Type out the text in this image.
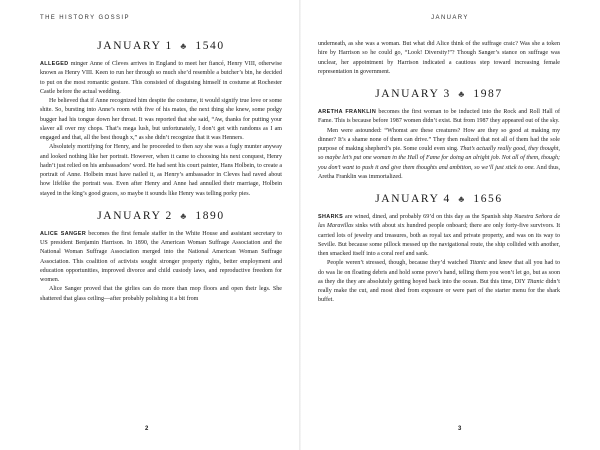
THE HISTORY GOSSIP
JANUARY 1 ♣ 1540

ALLEGED minger Anne of Cleves arrives in England to meet her fiancé, Henry VIII, otherwise known as Henry VIII. Keen to run her through so much she’d resemble a butcher’s bin, he decided to put on the most romantic gesture. This consisted of disguising himself in costume at Rochester Castle before the actual wedding.

He believed that if Anne recognized him despite the costume, it would signify true love or some shite. So, bursting into Anne’s room with five of his mates, the next thing she knew, some podgy bugger had his tongue down her throat. It was reported that she said, “Aw, thanks for putting your slaver all over my chops. That’s mega lush, but unfortunately, I don’t get with randoms as I am engaged and that, all the best though x,” as she didn’t recognize that it was Henners.

Absolutely mortifying for Henry, and he proceeded to then say she was a fugly munter anyway and looked nothing like her portrait. However, when it came to choosing his next conquest, Henry hadn’t just relied on his ambassadors’ word. He had sent his court painter, Hans Holbein, to create a portrait of Anne. Holbein must have nailed it, as Henry’s ambassador in Cleves had raved about how lifelike the portrait was. Even after Henry and Anne had annulled their marriage, Holbein stayed in the king’s good graces, so maybe it sounds like Henry was telling porky pies.

JANUARY 2 ♣ 1890

ALICE SANGER becomes the first female staffer in the White House and assistant secretary to US president Benjamin Harrison. In 1890, the American Woman Suffrage Association and the National Woman Suffrage Association merged into the National American Woman Suffrage Association. This coalition of activists sought stronger property rights, better employment and education opportunities, improved divorce and child custody laws, and reproductive freedom for women.

Alice Sanger proved that the girlies can do more than mop floors and open their legs. She shattered that glass ceiling—after probably polishing it a bit from

2
JANUARY

underneath, as she was a woman. But what did Alice think of the suffrage craic? Was she a token hire by Harrison so he could go, “Look! Diversity!”? Though Sanger’s stance on suffrage was unclear, her appointment by Harrison indicated a cautious step toward increasing female representation in government.

JANUARY 3 ♣ 1987

ARETHA FRANKLIN becomes the first woman to be inducted into the Rock and Roll Hall of Fame. This is because before 1987 women didn’t exist. But from 1987 they appeared out of the sky.

Men were astounded: “Whomst are these creatures? How are they so good at making my dinner? It’s a shame none of them can drive.” They then realized that not all of them had the sole purpose of making shepherd’s pie. Some could even sing. That’s actually really good, they thought, so maybe let’s put one woman in the Hall of Fame for doing an alright job. Not all of them, though; you don’t want to push it and give them thoughts and ambition, so we’ll just stick to one. And thus, Aretha Franklin was immortalized.

JANUARY 4 ♣ 1656

SHARKS are wined, dined, and probably 69’d on this day as the Spanish ship Nuestra Señora de las Maravillas sinks with about six hundred people onboard; there are only forty-five survivors. It carried lots of jewelry and treasures, both as royal tax and private property, and was on its way to Seville. But because some pillock messed up the navigational route, the ship collided with another, then smacked itself into a coral reef and sank.

People weren’t stressed, though, because they’d watched Titanic and knew that all you had to do was lie on floating debris and hold some povo’s hand, telling them you won’t let go, but as soon as they die they are absolutely getting hoyed back into the ocean. But this time, DIY Titanic didn’t really make the cut, and most died from exposure or were part of the starter menu for the shark buffet.

3
